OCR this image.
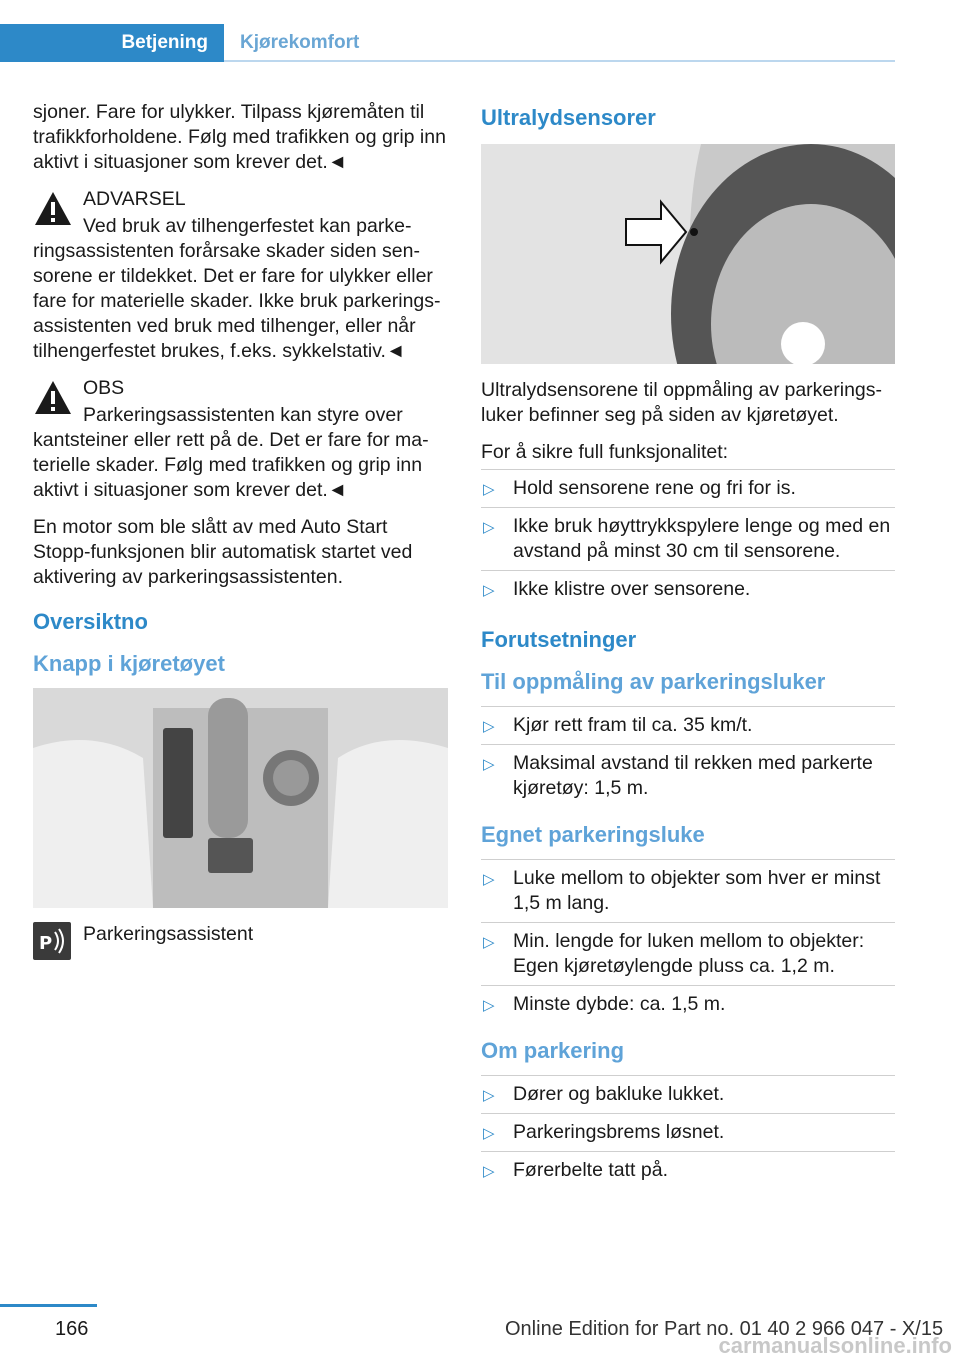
Betjening Kjørekomfort

sjoner. Fare for ulykker. Tilpass kjøremåten til trafikkforholdene. Følg med trafikken og grip inn aktivt i situasjoner som krever det.◄

ADVARSEL
Ved bruk av tilhengerfestet kan parke-
ringsassistenten forårsake skader siden sen-sorene er tildekket. Det er fare for ulykker eller fare for materielle skader. Ikke bruk parkerings-assistenten ved bruk med tilhenger, eller når tilhengerfestet brukes, f.eks. sykkelstativ.◄
OBS
Parkeringsassistenten kan styre over
kantsteiner eller rett på de. Det er fare for ma-terielle skader. Følg med trafikken og grip inn aktivt i situasjoner som krever det.◄

En motor som ble slått av med Auto Start Stopp-funksjonen blir automatisk startet ved aktivering av parkeringsassistenten.

Oversiktno
Knapp i kjøretøyet
P Parkeringsassistent
Ultralydsensorer

Ultralydsensorene til oppmåling av parkerings-luker befinner seg på siden av kjøretøyet.

For å sikre full funksjonalitet:

▷ Hold sensorene rene og fri for is.
▷ Ikke bruk høyttrykkspylere lenge og med en avstand på minst 30 cm til sensorene.
▷ Ikke klistre over sensorene.
Forutsetninger
Til oppmåling av parkeringsluker
▷ Kjør rett fram til ca. 35 km/t.
▷ Maksimal avstand til rekken med parkerte kjøretøy: 1,5 m.
Egnet parkeringsluke
▷ Luke mellom to objekter som hver er minst 1,5 m lang.
▷ Min. lengde for luken mellom to objekter: Egen kjøretøylengde pluss ca. 1,2 m.
▷ Minste dybde: ca. 1,5 m.
Om parkering
▷ Dører og bakluke lukket.
▷ Parkeringsbrems løsnet.
▷ Førerbelte tatt på.
166	Online Edition for Part no. 01 40 2 966 047 - X/15
carmanualsonline.info
